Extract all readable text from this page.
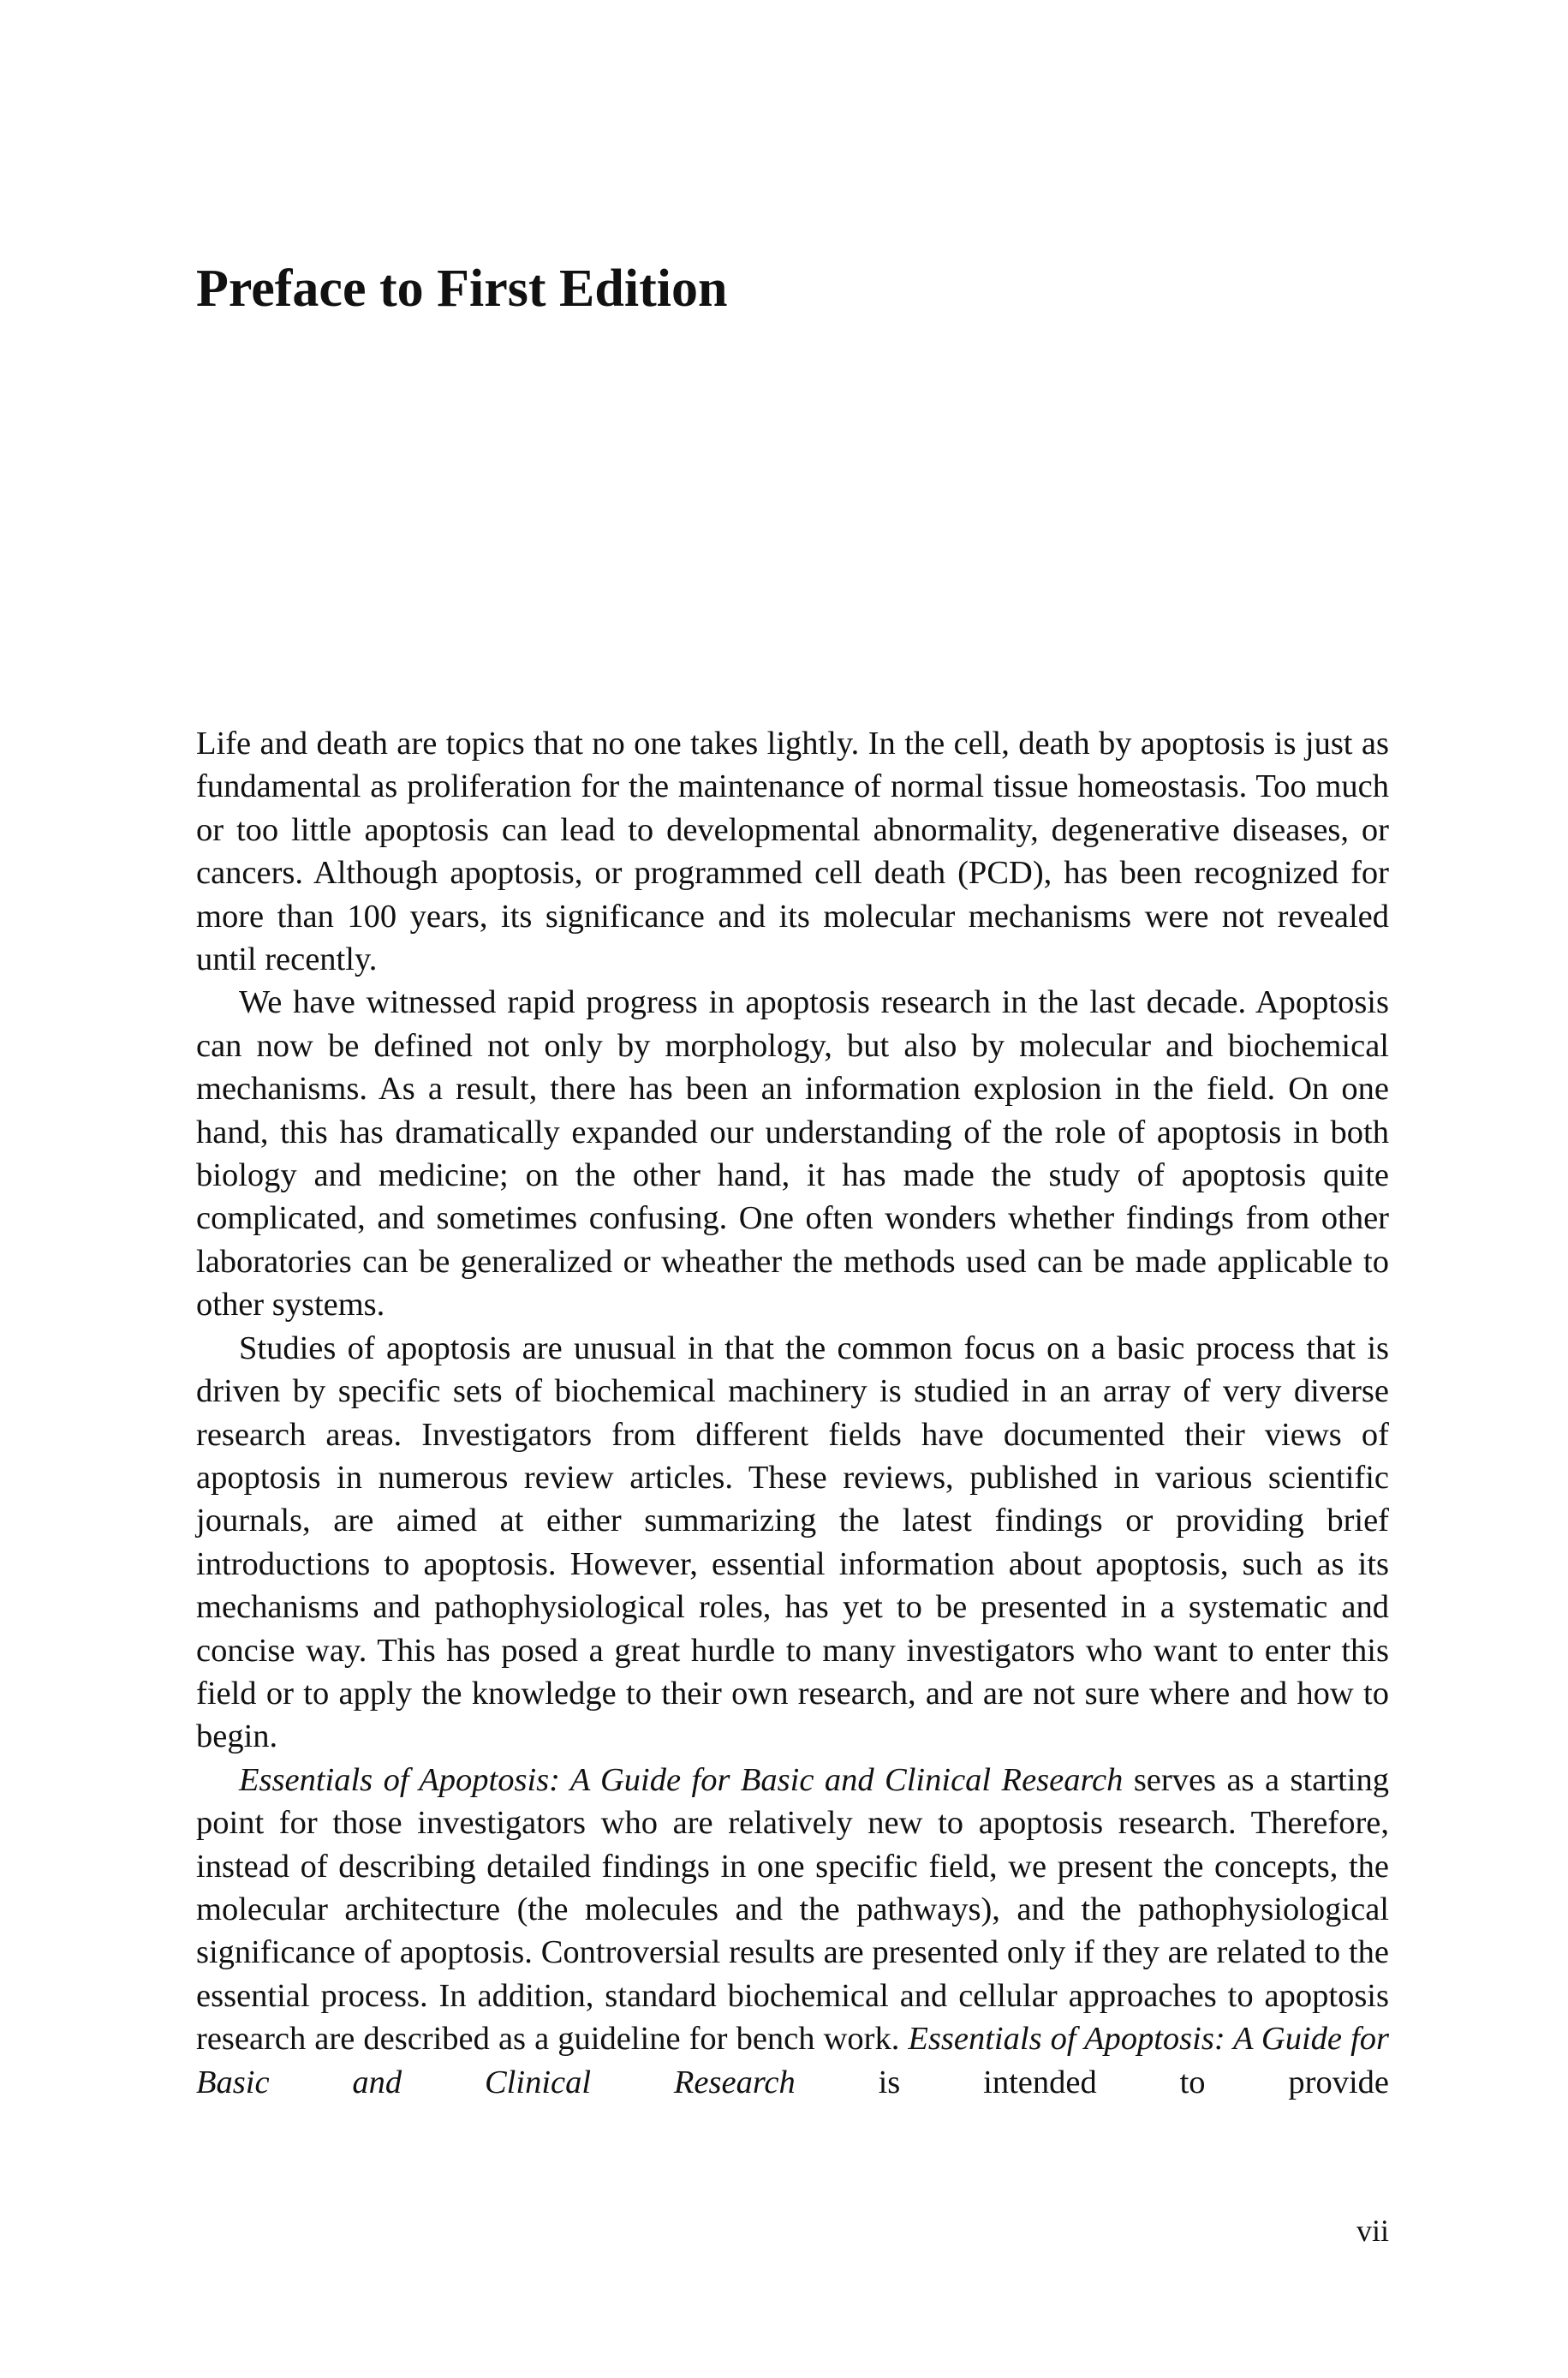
Preface to First Edition

Life and death are topics that no one takes lightly. In the cell, death by apoptosis is just as fundamental as proliferation for the maintenance of normal tissue homeostasis. Too much or too little apoptosis can lead to developmental abnormality, degenerative diseases, or cancers. Although apoptosis, or programmed cell death (PCD), has been recognized for more than 100 years, its significance and its molecular mechanisms were not revealed until recently.

We have witnessed rapid progress in apoptosis research in the last decade. Apoptosis can now be defined not only by morphology, but also by molecular and biochemical mechanisms. As a result, there has been an information explosion in the field. On one hand, this has dramatically expanded our understanding of the role of apoptosis in both biology and medicine; on the other hand, it has made the study of apoptosis quite complicated, and sometimes confusing. One often wonders whether findings from other laboratories can be generalized or wheather the methods used can be made applicable to other systems.

Studies of apoptosis are unusual in that the common focus on a basic process that is driven by specific sets of biochemical machinery is studied in an array of very diverse research areas. Investigators from different fields have documented their views of apoptosis in numerous review articles. These reviews, published in various scientific journals, are aimed at either summarizing the latest findings or providing brief introductions to apoptosis. However, essential information about apoptosis, such as its mechanisms and pathophysiological roles, has yet to be presented in a systematic and concise way. This has posed a great hurdle to many investigators who want to enter this field or to apply the knowledge to their own research, and are not sure where and how to begin.

Essentials of Apoptosis: A Guide for Basic and Clinical Research serves as a starting point for those investigators who are relatively new to apoptosis research. Therefore, instead of describing detailed findings in one specific field, we present the concepts, the molecular architecture (the molecules and the pathways), and the pathophysiological significance of apoptosis. Controversial results are presented only if they are related to the essential process. In addition, standard biochemical and cellular approaches to apoptosis research are described as a guideline for bench work. Essentials of Apoptosis: A Guide for Basic and Clinical Research is intended to provide

vii
